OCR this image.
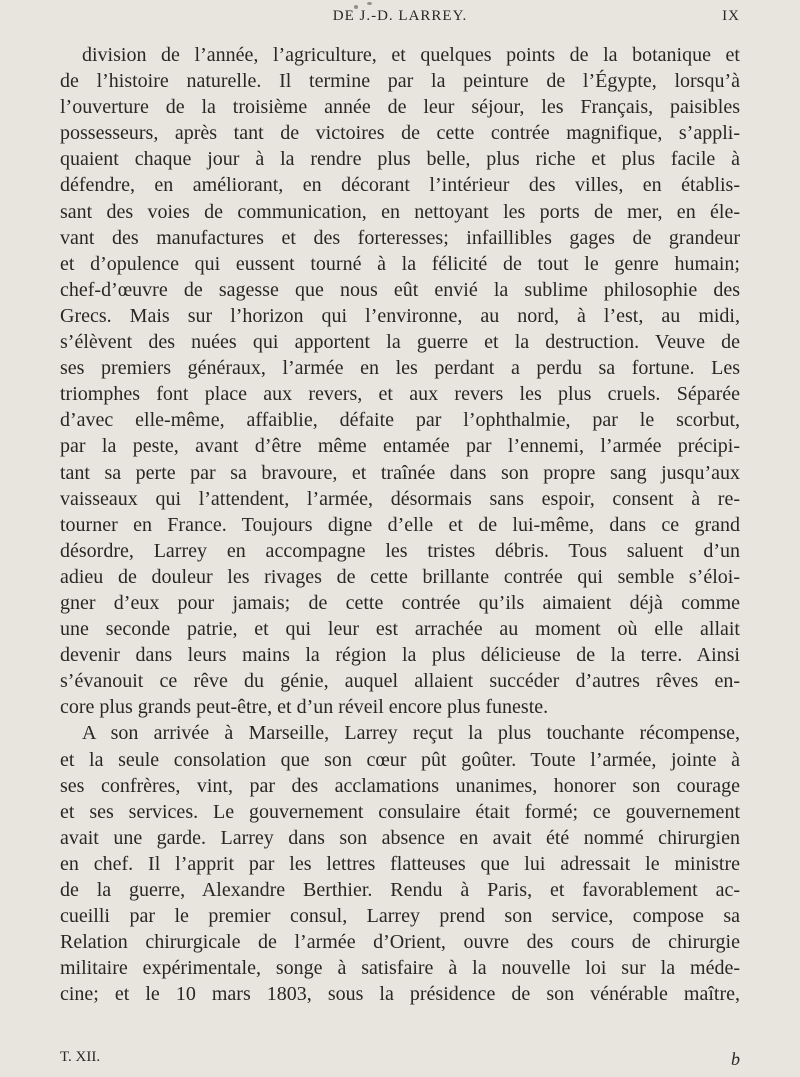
DE J.-D. LARREY.	IX
division de l’année, l’agriculture, et quelques points de la botanique et
de l’histoire naturelle. Il termine par la peinture de l’Égypte, lorsqu’à
l’ouverture de la troisième année de leur séjour, les Français, paisibles
possesseurs, après tant de victoires de cette contrée magnifique, s’appli-
quaient chaque jour à la rendre plus belle, plus riche et plus facile à
défendre, en améliorant, en décorant l’intérieur des villes, en établis-
sant des voies de communication, en nettoyant les ports de mer, en éle-
vant des manufactures et des forteresses; infaillibles gages de grandeur
et d’opulence qui eussent tourné à la félicité de tout le genre humain;
chef-d’œuvre de sagesse que nous eût envié la sublime philosophie des
Grecs. Mais sur l’horizon qui l’environne, au nord, à l’est, au midi,
s’élèvent des nuées qui apportent la guerre et la destruction. Veuve de
ses premiers généraux, l’armée en les perdant a perdu sa fortune. Les
triomphes font place aux revers, et aux revers les plus cruels. Séparée
d’avec elle-même, affaiblie, défaite par l’ophthalmie, par le scorbut,
par la peste, avant d’être même entamée par l’ennemi, l’armée précipi-
tant sa perte par sa bravoure, et traînée dans son propre sang jusqu’aux
vaisseaux qui l’attendent, l’armée, désormais sans espoir, consent à re-
tourner en France. Toujours digne d’elle et de lui-même, dans ce grand
désordre, Larrey en accompagne les tristes débris. Tous saluent d’un
adieu de douleur les rivages de cette brillante contrée qui semble s’éloi-
gner d’eux pour jamais; de cette contrée qu’ils aimaient déjà comme
une seconde patrie, et qui leur est arrachée au moment où elle allait
devenir dans leurs mains la région la plus délicieuse de la terre. Ainsi
s’évanouit ce rêve du génie, auquel allaient succéder d’autres rêves en-
core plus grands peut-être, et d’un réveil encore plus funeste.
A son arrivée à Marseille, Larrey reçut la plus touchante récompense,
et la seule consolation que son cœur pût goûter. Toute l’armée, jointe à
ses confrères, vint, par des acclamations unanimes, honorer son courage
et ses services. Le gouvernement consulaire était formé; ce gouvernement
avait une garde. Larrey dans son absence en avait été nommé chirurgien
en chef. Il l’apprit par les lettres flatteuses que lui adressait le ministre
de la guerre, Alexandre Berthier. Rendu à Paris, et favorablement ac-
cueilli par le premier consul, Larrey prend son service, compose sa
Relation chirurgicale de l’armée d’Orient, ouvre des cours de chirurgie
militaire expérimentale, songe à satisfaire à la nouvelle loi sur la méde-
cine; et le 10 mars 1803, sous la présidence de son vénérable maître,
T. XII.	b
